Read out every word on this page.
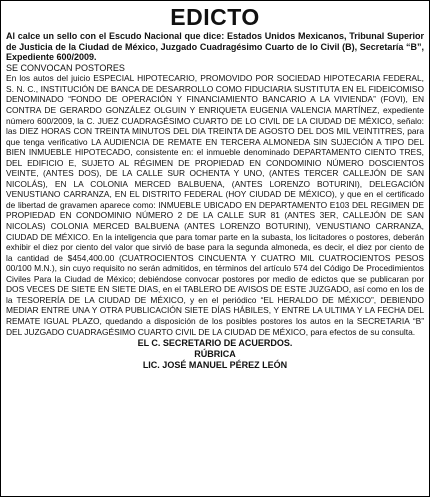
EDICTO

Al calce un sello con el Escudo Nacional que dice: Estados Unidos Mexicanos, Tribunal Superior de Justicia de la Ciudad de México, Juzgado Cuadragésimo Cuarto de lo Civil (B), Secretaría “B”, Expediente 600/2009.

SE CONVOCAN POSTORES

En los autos del juicio ESPECIAL HIPOTECARIO, PROMOVIDO POR SOCIEDAD HIPOTECARIA FEDERAL, S. N. C., INSTITUCIÓN DE BANCA DE DESARROLLO COMO FIDUCIARIA SUSTITUTA EN EL FIDEICOMISO DENOMINADO “FONDO DE OPERACIÓN Y FINANCIAMIENTO BANCARIO A LA VIVIENDA” (FOVI), EN CONTRA DE GERARDO GONZÁLEZ OLGUIN Y ENRIQUETA EUGENIA VALENCIA MARTÍNEZ, expediente número 600/2009, la C. JUEZ CUADRAGÉSIMO CUARTO DE LO CIVIL DE LA CIUDAD DE MÉXICO, señalo: las DIEZ HORAS CON TREINTA MINUTOS DEL DIA TREINTA DE AGOSTO DEL DOS MIL VEINTITRES, para que tenga verificativo LA AUDIENCIA DE REMATE EN TERCERA ALMONEDA SIN SUJECIÓN A TIPO DEL BIEN INMUEBLE HIPOTECADO, consistente en: el inmueble denominado DEPARTAMENTO CIENTO TRES, DEL EDIFICIO E, SUJETO AL RÉGIMEN DE PROPIEDAD EN CONDOMINIO NÚMERO DOSCIENTOS VEINTE, (ANTES DOS), DE LA CALLE SUR OCHENTA Y UNO, (ANTES TERCER CALLEJÓN DE SAN NICOLÁS), EN LA COLONIA MERCED BALBUENA, (ANTES LORENZO BOTURINI), DELEGACIÓN VENUSTIANO CARRANZA, EN EL DISTRITO FEDERAL (HOY CIUDAD DE MÉXICO), y que en el certificado de libertad de gravamen aparece como: INMUEBLE UBICADO EN DEPARTAMENTO E103 DEL REGIMEN DE PROPIEDAD EN CONDOMINIO NÚMERO 2 DE LA CALLE SUR 81 (ANTES 3ER, CALLEJÓN DE SAN NICOLAS) COLONIA MERCED BALBUENA (ANTES LORENZO BOTURINI), VENUSTIANO CARRANZA, CIUDAD DE MÉXICO. En la inteligencia que para tomar parte en la subasta, los licitadores o postores, deberán exhibir el diez por ciento del valor que sirvió de base para la segunda almoneda, es decir, el diez por ciento de la cantidad de $454,400.00 (CUATROCIENTOS CINCUENTA Y CUATRO MIL CUATROCIENTOS PESOS 00/100 M.N.), sin cuyo requisito no serán admitidos, en términos del artículo 574 del Código De Procedimientos Civiles Para la Ciudad de México; debiéndose convocar postores por medio de edictos que se publicaran por DOS VECES DE SIETE EN SIETE DIAS, en el TABLERO DE AVISOS DE ESTE JUZGADO, así como en los de la TESORERÍA DE LA CIUDAD DE MÉXICO, y en el periódico “EL HERALDO DE MÉXICO”, DEBIENDO MEDIAR ENTRE UNA Y OTRA PUBLICACIÓN SIETE DÍAS HÁBILES, Y ENTRE LA ULTIMA Y LA FECHA DEL REMATE IGUAL PLAZO, quedando a disposición de los posibles postores los autos en la SECRETARIA “B” DEL JUZGADO CUADRAGÉSIMO CUARTO CIVIL DE LA CIUDAD DE MÉXICO, para efectos de su consulta.

EL C. SECRETARIO DE ACUERDOS.
RÚBRICA
LIC. JOSÉ MANUEL PÉREZ LEÓN
